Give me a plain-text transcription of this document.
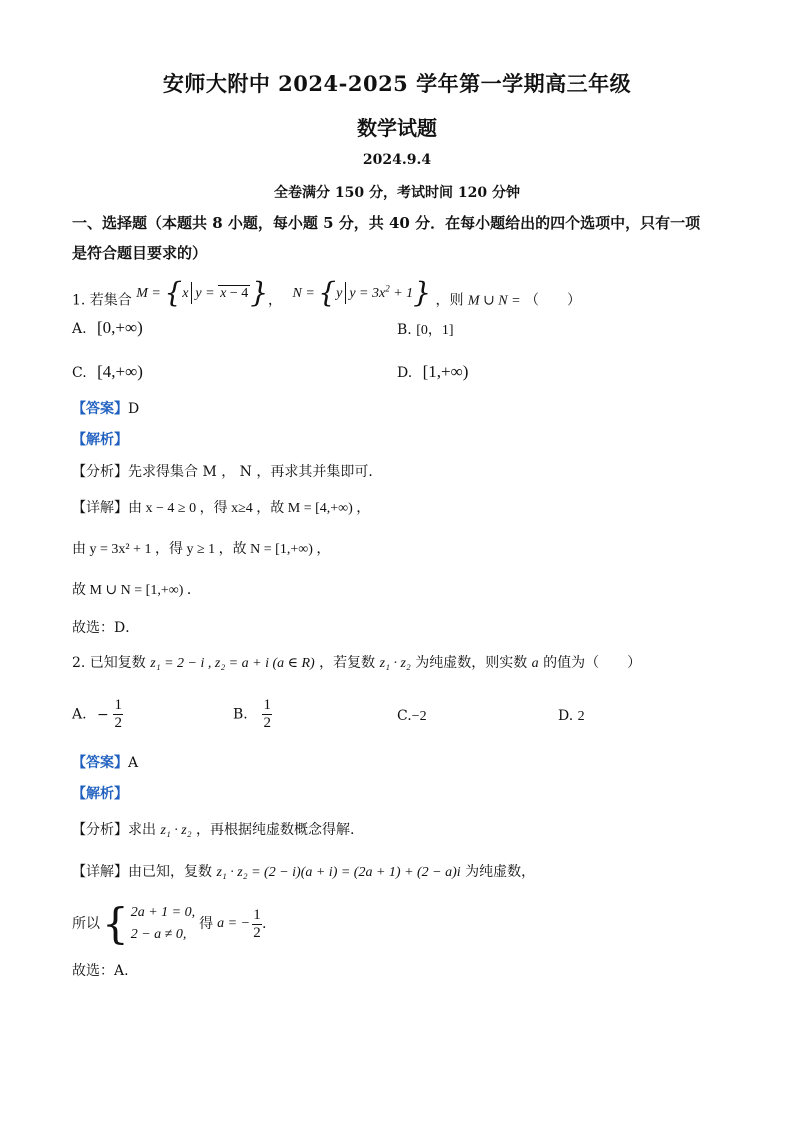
安师大附中 2024-2025 学年第一学期高三年级
数学试题
2024.9.4
全卷满分 150 分，考试时间 120 分钟
一、选择题（本题共 8 小题，每小题 5 分，共 40 分．在每小题给出的四个选项中，只有一项
是符合题目要求的）
1. 若集合 M = {x y = x − 4}， N = {y $y = 3x^2 + 1$} ，则 M ∪ N = （　　）
A. [0,+∞)	B. [0，1]
C. [4,+∞)	D. [1,+∞)
【答案】D
【解析】
【分析】先求得集合 M ， N ，再求其并集即可．
【详解】由 x − 4 ≥ 0 ，得 x≥4 ，故 M = [4,+∞) ，
由 y = 3x² + 1 ，得 y ≥ 1 ，故 N = [1,+∞) ，
故 M ∪ N = [1,+∞) ．
故选：D．
2. 已知复数 z₁ = 2 − i , z₂ = a + i (a ∈ R) ，若复数 z₁ · z₂ 为纯虚数，则实数 a 的值为（　　）
A. − $\frac{1}{2}$	B. $\frac{1}{2}$	C.−2	D. 2
【答案】A
【解析】
【分析】求出 z₁ · z₂ ，再根据纯虚数概念得解.
【详解】由已知，复数 z₁ · z₂ = (2 − i)(a + i) = (2a + 1) + (2 − a)i 为纯虚数，
所以 { 2a + 1 = 0,
2 − a ≠ 0,
得 a = − $\frac{1}{2}$ .
故选：A.
